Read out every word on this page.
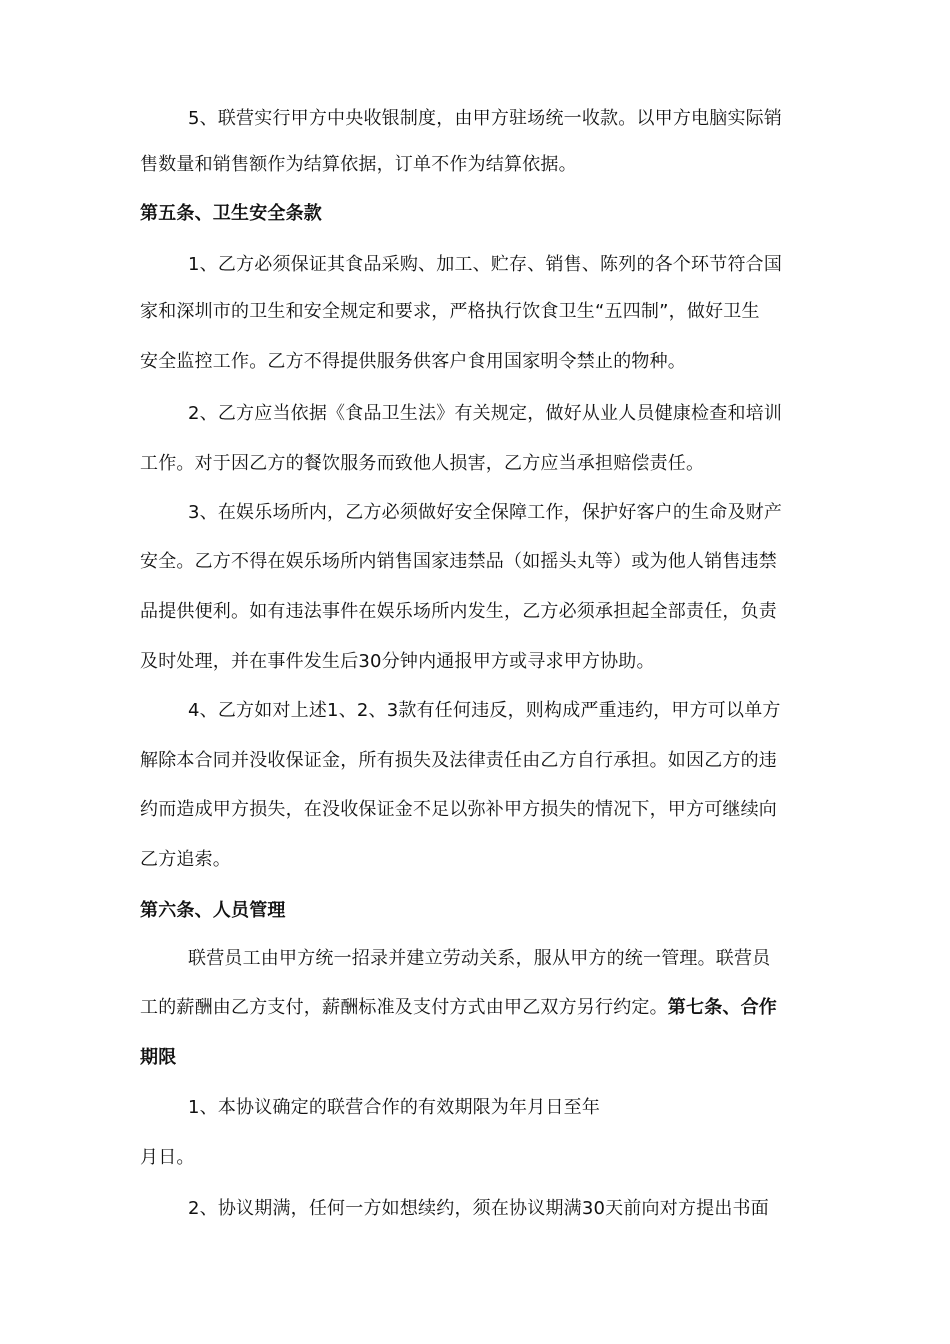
5、联营实行甲方中央收银制度，由甲方驻场统一收款。以甲方电脑实际销
售数量和销售额作为结算依据，订单不作为结算依据。
第五条、卫生安全条款
1、乙方必须保证其食品采购、加工、贮存、销售、陈列的各个环节符合国
家和深圳市的卫生和安全规定和要求，严格执行饮食卫生“五四制”，做好卫生
安全监控工作。乙方不得提供服务供客户食用国家明令禁止的物种。
2、乙方应当依据《食品卫生法》有关规定，做好从业人员健康检查和培训
工作。对于因乙方的餐饮服务而致他人损害，乙方应当承担赔偿责任。
3、在娱乐场所内，乙方必须做好安全保障工作，保护好客户的生命及财产
安全。乙方不得在娱乐场所内销售国家违禁品（如摇头丸等）或为他人销售违禁
品提供便利。如有违法事件在娱乐场所内发生，乙方必须承担起全部责任，负责
及时处理，并在事件发生后30分钟内通报甲方或寻求甲方协助。
4、乙方如对上述1、2、3款有任何违反，则构成严重违约，甲方可以单方
解除本合同并没收保证金，所有损失及法律责任由乙方自行承担。如因乙方的违
约而造成甲方损失，在没收保证金不足以弥补甲方损失的情况下，甲方可继续向
乙方追索。
第六条、人员管理
联营员工由甲方统一招录并建立劳动关系，服从甲方的统一管理。联营员
工的薪酬由乙方支付，薪酬标准及支付方式由甲乙双方另行约定。第七条、合作
期限
1、本协议确定的联营合作的有效期限为年月日至年
月日。
2、协议期满，任何一方如想续约，须在协议期满30天前向对方提出书面
